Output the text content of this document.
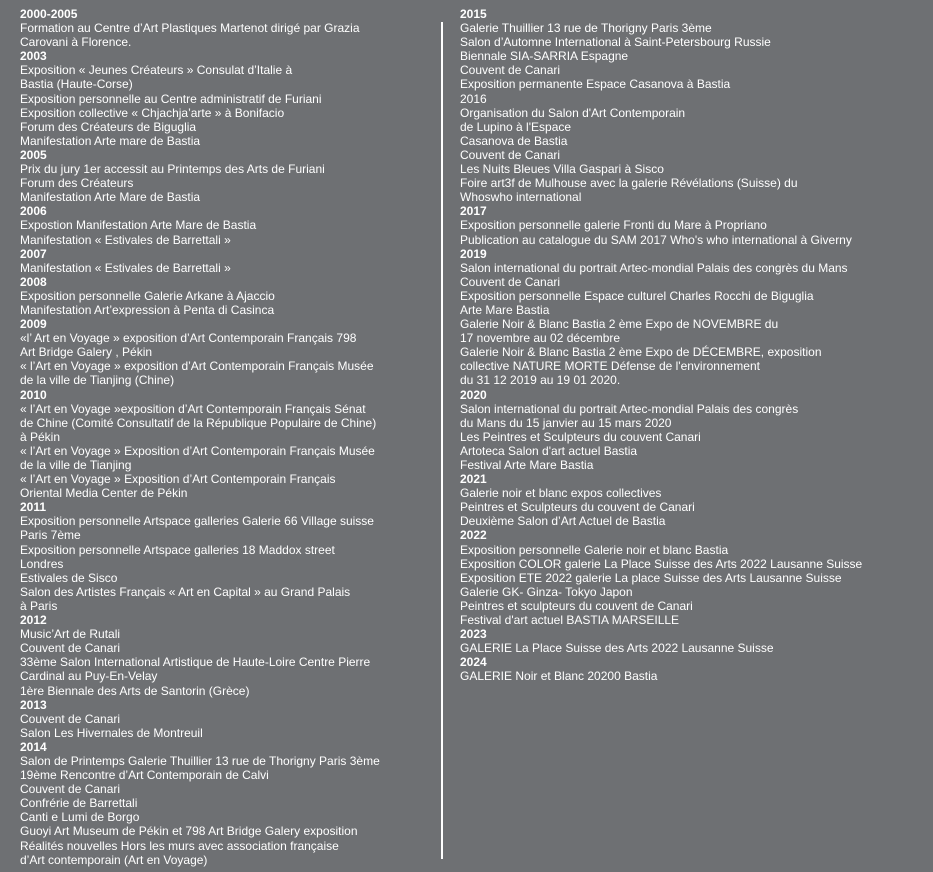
2000-2005
Formation au Centre d’Art Plastiques Martenot dirigé par Grazia
Carovani à Florence.
2003
Exposition « Jeunes Créateurs » Consulat d’Italie à
Bastia (Haute-Corse)
Exposition personnelle au Centre administratif de Furiani
Exposition collective « Chjachja’arte » à Bonifacio
Forum des Créateurs de Biguglia
Manifestation Arte mare de Bastia
2005
Prix du jury 1er accessit au Printemps des Arts de Furiani
Forum des Créateurs
Manifestation Arte Mare de Bastia
2006
Expostion Manifestation Arte Mare de Bastia
Manifestation « Estivales de Barrettali »
2007
Manifestation « Estivales de Barrettali »
2008
Exposition personnelle Galerie Arkane à Ajaccio
Manifestation Art’expression à Penta di Casinca
2009
«l’ Art en Voyage » exposition d’Art Contemporain Français 798
Art Bridge Galery , Pékin
« l’Art en Voyage » exposition d’Art Contemporain Français Musée
de la ville de Tianjing (Chine)
2010
« l’Art en Voyage »exposition d’Art Contemporain Français Sénat
de Chine (Comité Consultatif de la République Populaire de Chine)
à Pékin
« l’Art en Voyage » Exposition d’Art Contemporain Français Musée
de la ville de Tianjing
« l’Art en Voyage » Exposition d’Art Contemporain Français
Oriental Media Center de Pékin
2011
Exposition personnelle Artspace galleries Galerie 66 Village suisse
Paris 7ème
Exposition personnelle Artspace galleries 18 Maddox street
Londres
Estivales de Sisco
Salon des Artistes Français « Art en Capital » au Grand Palais
à Paris
2012
Music’Art de Rutali
Couvent de Canari
33ème Salon International Artistique de Haute-Loire Centre Pierre
Cardinal au Puy-En-Velay
1ère Biennale des Arts de Santorin (Grèce)
2013
Couvent de Canari
Salon Les Hivernales de Montreuil
2014
Salon de Printemps Galerie Thuillier 13 rue de Thorigny Paris 3ème
19ème Rencontre d’Art Contemporain de Calvi
Couvent de Canari
Confrérie de Barrettali
Canti e Lumi de Borgo
Guoyi Art Museum de Pékin et 798 Art Bridge Galery exposition
Réalités nouvelles Hors les murs avec association française
d’Art contemporain (Art en Voyage)
2015
Galerie Thuillier 13 rue de Thorigny Paris 3ème
Salon d’Automne International à Saint-Petersbourg Russie
Biennale SIA-SARRIA Espagne
Couvent de Canari
Exposition permanente Espace Casanova à Bastia
2016
Organisation du Salon d'Art Contemporain
de Lupino à l'Espace
Casanova de Bastia
Couvent de Canari
Les Nuits Bleues Villa Gaspari à Sisco
Foire art3f de Mulhouse avec la galerie Révélations (Suisse) du
Whoswho international
2017
Exposition personnelle galerie Fronti du Mare à Propriano
Publication au catalogue du SAM 2017 Who's who international à Giverny
2019
Salon international du portrait Artec-mondial Palais des congrès du Mans
Couvent de Canari
Exposition personnelle Espace culturel Charles Rocchi de Biguglia
Arte Mare Bastia
Galerie Noir & Blanc Bastia 2 ème Expo de NOVEMBRE du
17 novembre au 02 décembre
Galerie Noir & Blanc Bastia 2 ème Expo de DÉCEMBRE, exposition
collective NATURE MORTE Défense de l'environnement
du 31 12 2019 au 19 01 2020.
2020
Salon international du portrait Artec-mondial Palais des congrès
du Mans du 15 janvier au 15 mars 2020
Les Peintres et Sculpteurs du couvent Canari
Artoteca Salon d'art actuel Bastia
Festival Arte Mare Bastia
2021
Galerie noir et blanc expos collectives
Peintres et Sculpteurs du couvent de Canari
Deuxième Salon d’Art Actuel de Bastia
2022
Exposition personnelle Galerie noir et blanc Bastia
Exposition COLOR galerie La Place Suisse des Arts 2022 Lausanne Suisse
Exposition ETE 2022 galerie La place Suisse des Arts Lausanne Suisse
Galerie GK- Ginza- Tokyo Japon
Peintres et sculpteurs du couvent de Canari
Festival d'art actuel BASTIA MARSEILLE
2023
GALERIE La Place Suisse des Arts 2022 Lausanne Suisse
2024
GALERIE Noir et Blanc 20200 Bastia
